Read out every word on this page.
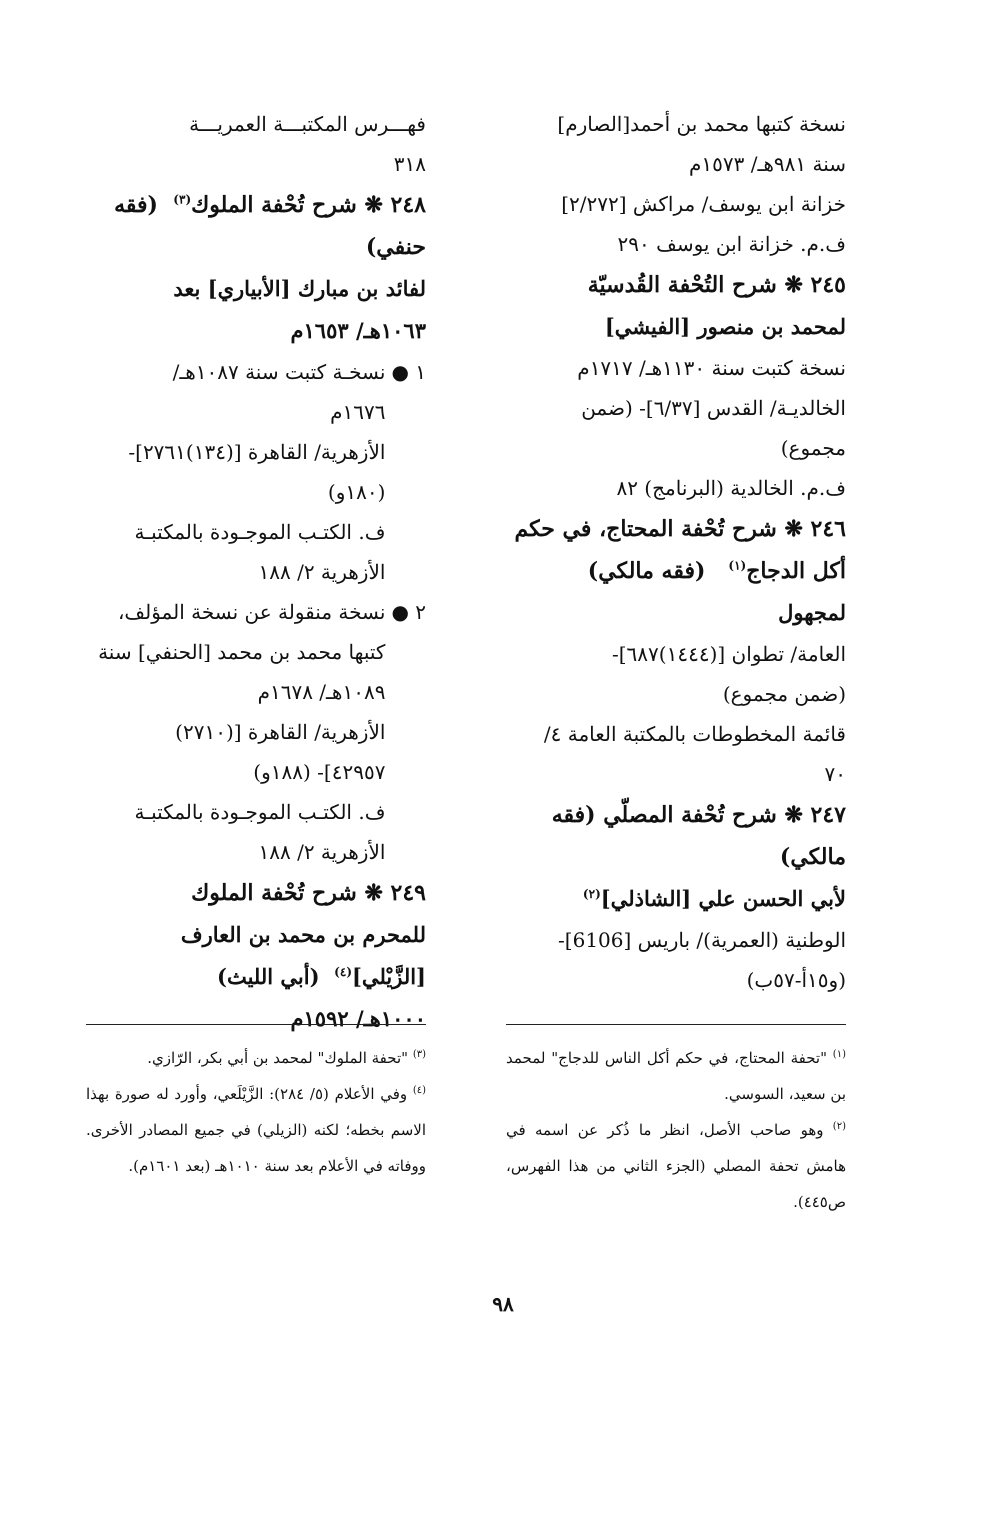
نسخة كتبها محمد بن أحمد[الصارم]

سنة ٩٨١هـ/ ١٥٧٣م

خزانة ابن يوسف/ مراكش [٢/٢٧٢]

ف.م. خزانة ابن يوسف ٢٩٠

٢٤٥ ❋ شرح التُحْفة القُدسيّة

لمحمد بن منصور [الفيشي]

نسخة كتبت سنة ١١٣٠هـ/ ١٧١٧م

الخالديـة/ القدس [٦/٣٧]- (ضمن

مجموع)

ف.م. الخالدية (البرنامج) ٨٢

٢٤٦ ❋ شرح تُحْفة المحتاج، في حكم

أكل الدجاج$^{(١)}$   (فقه مالكي)

لمجهول

العامة/ تطوان [(١٤٤٤)٦٨٧]-

(ضمن مجموع)

قائمة المخطوطات بالمكتبة العامة ٤/

٧٠

٢٤٧ ❋ شرح تُحْفة المصلّي (فقه

مالكي)

لأبي الحسن علي [الشاذلي]$^{(٢)}$

الوطنية (العمرية)/ باريس [6106]-

(و١٥أ-٥٧ب)

فهـــرس المكتبـــة العمريـــة

٣١٨

٢٤٨ ❋ شرح تُحْفة الملوك$^{(٣)}$  (فقه

حنفي)

لفائد بن مبارك [الأبياري] بعد

١٠٦٣هـ/ ١٦٥٣م

١ ●

نسخـة كتبت سنة ١٠٨٧هـ/

١٦٧٦م

الأزهرية/ القاهرة [(١٣٤)٢٧٦١]-

(١٨٠و)

ف. الكتـب الموجـودة بالمكتبـة

الأزهرية ٢/ ١٨٨

٢ ●

نسخة منقولة عن نسخة المؤلف،

كتبها محمد بن محمد [الحنفي] سنة

١٠٨٩هـ/ ١٦٧٨م

الأزهرية/ القاهرة [(٢٧١٠)

٤٢٩٥٧]- (١٨٨و)

ف. الكتـب الموجـودة بالمكتبـة

الأزهرية ٢/ ١٨٨

٢٤٩ ❋ شرح تُحْفة الملوك

للمحرم بن محمد بن العارف

[الزَّيْلي]$^{(٤)}$  (أبي الليث)

١٠٠٠هـ/ ١٥٩٢م

$^{(١)}$ "تحفة المحتاج، في حكم أكل الناس للدجاج" لمحمد بن سعيد، السوسي.

$^{(٢)}$ وهو صاحب الأصل، انظر ما ذُكر عن اسمه في هامش تحفة المصلي (الجزء الثاني من هذا الفهرس، ص٤٤٥).

$^{(٣)}$ "تحفة الملوك" لمحمد بن أبي بكر، الرّازي.

$^{(٤)}$ وفي الأعلام (٥/ ٢٨٤): الزَّيْلَعي، وأورد له صورة بهذا الاسم بخطه؛ لكنه (الزيلي) في جميع المصادر الأخرى. ووفاته في الأعلام بعد سنة ١٠١٠هـ (بعد ١٦٠١م).

٩٨
